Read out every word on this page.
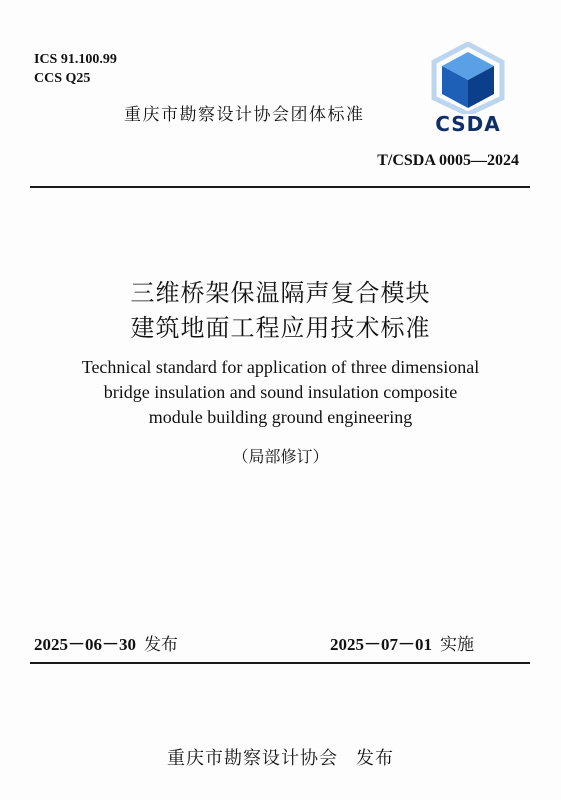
ICS 91.100.99
CCS Q25
重庆市勘察设计协会团体标准	CSDA
T/CSDA 0005—2024
三维桥架保温隔声复合模块
建筑地面工程应用技术标准
Technical standard for application of three dimensional
bridge insulation and sound insulation composite
module building ground engineering
（局部修订）
2025－06－30 发布	2025－07－01 实施
重庆市勘察设计协会 发布
